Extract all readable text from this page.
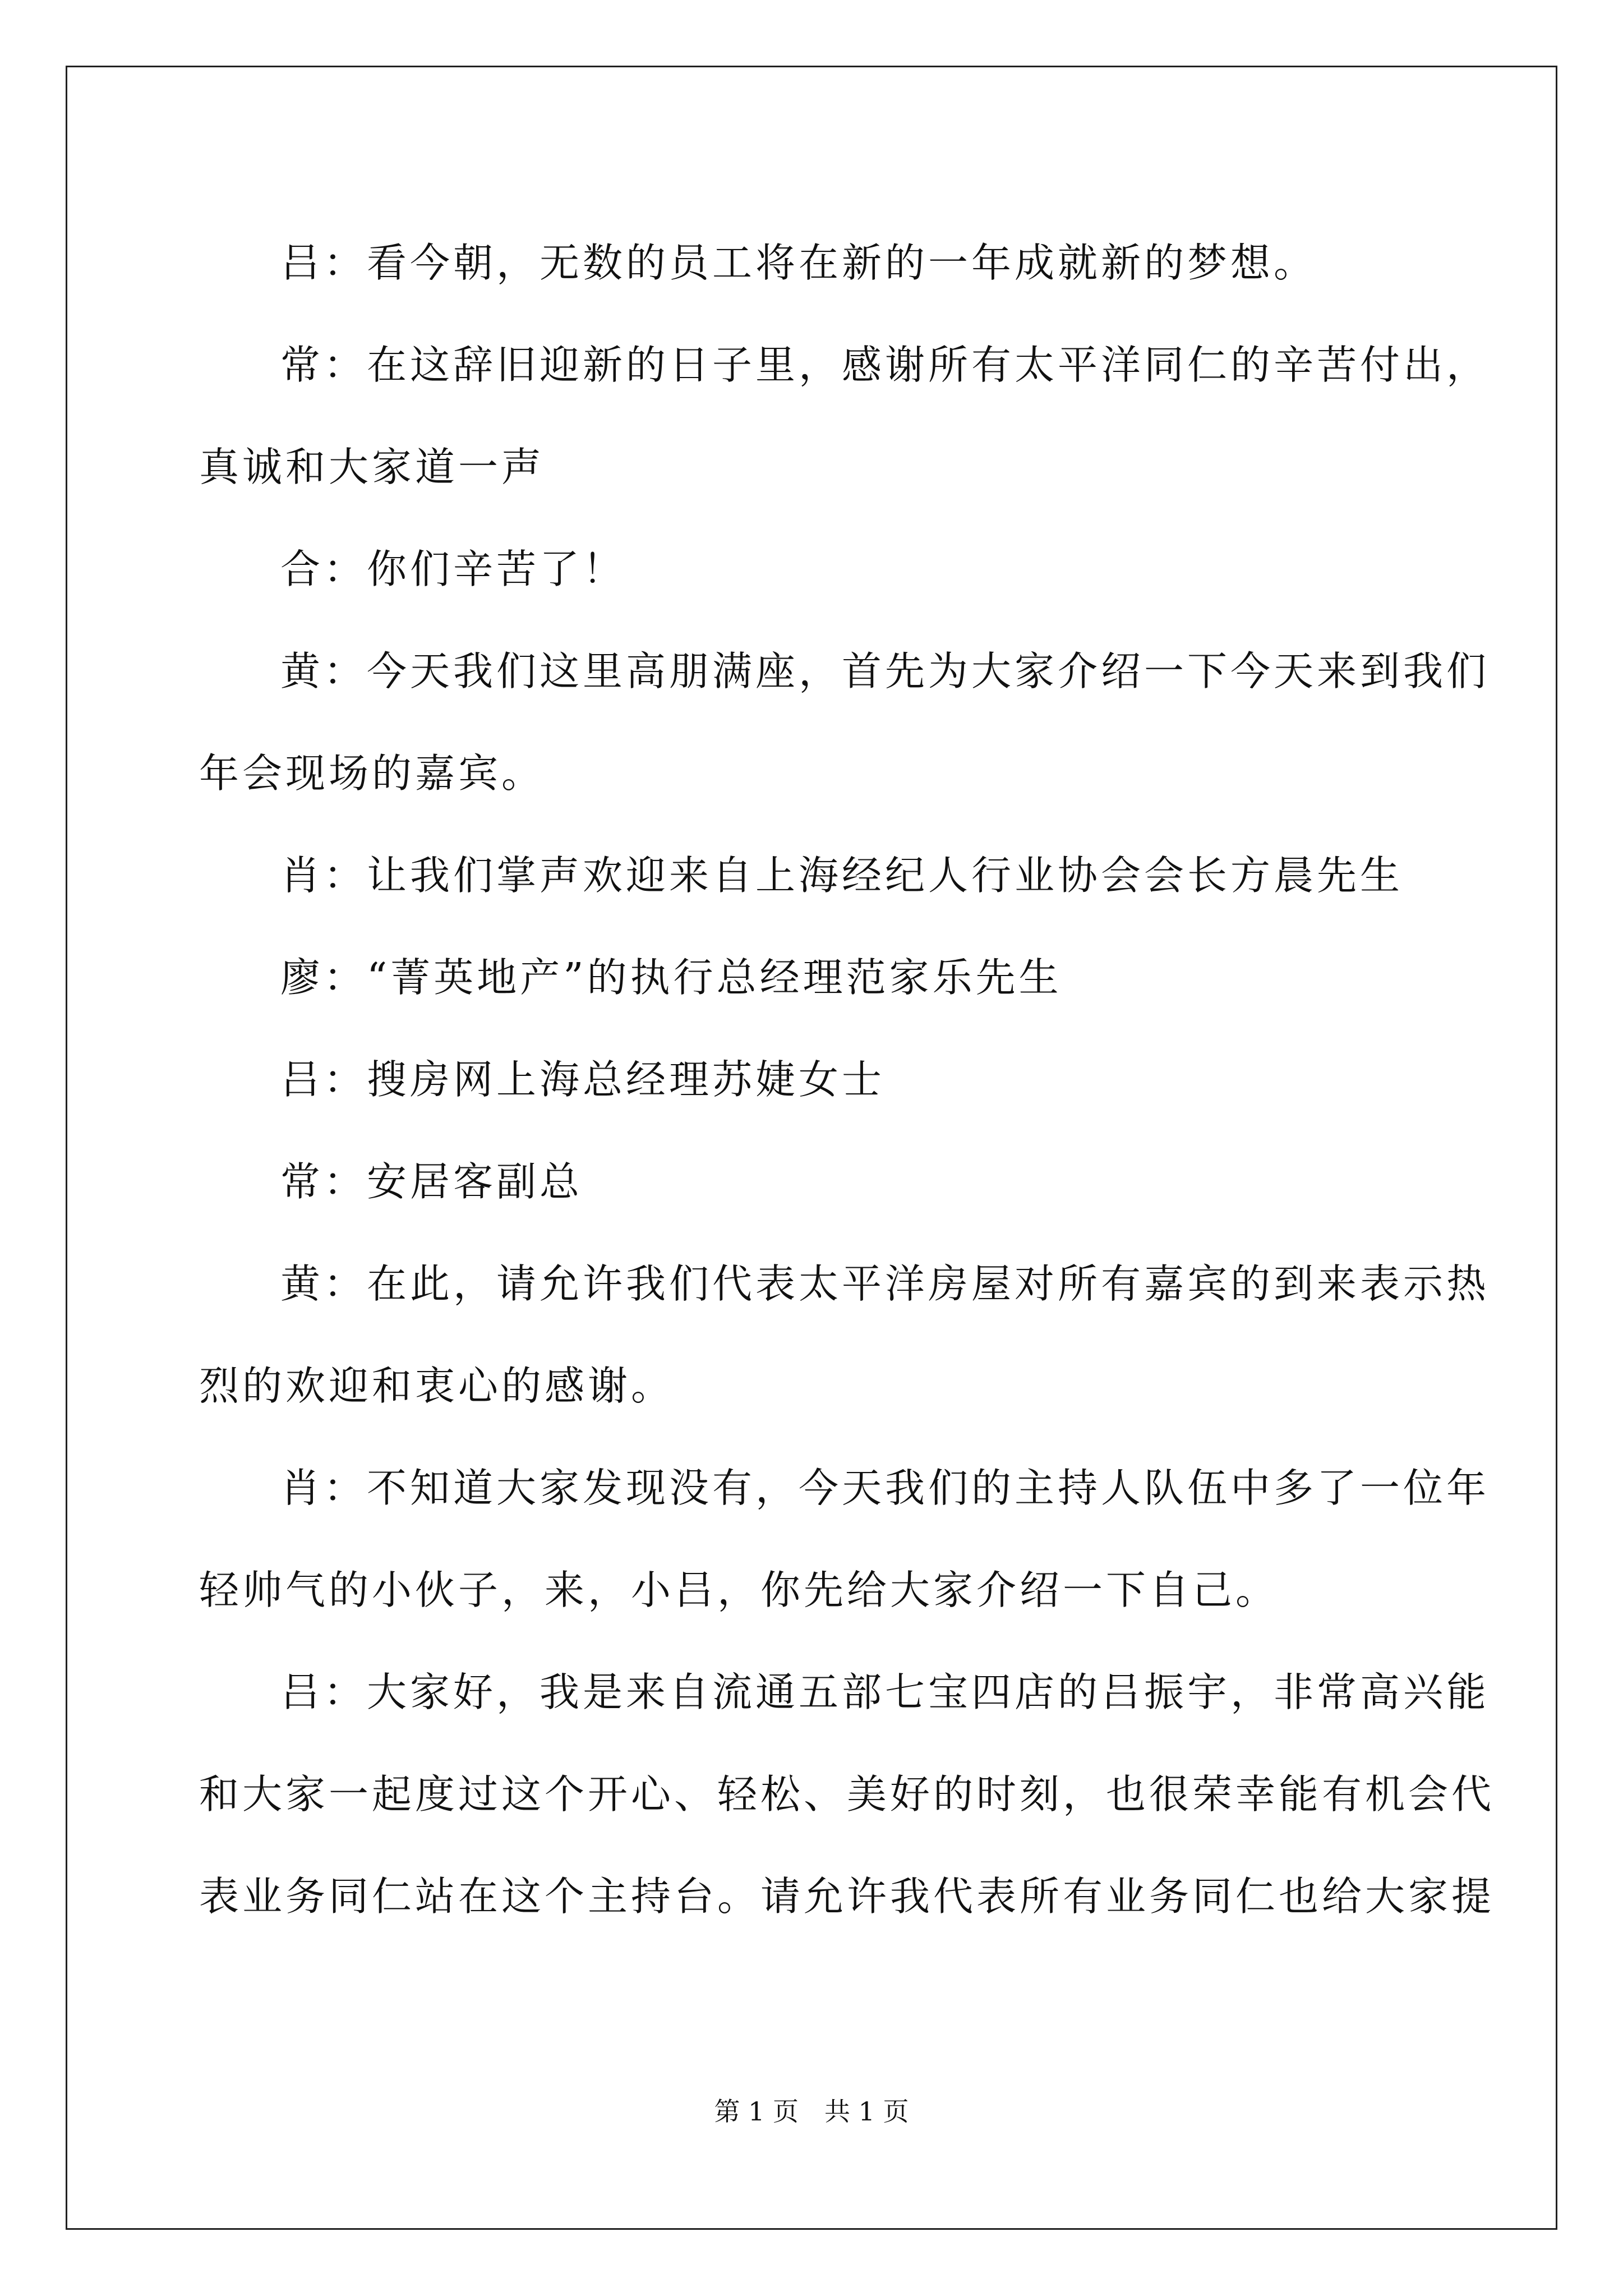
吕：看今朝，无数的员工将在新的一年成就新的梦想。

常：在这辞旧迎新的日子里，感谢所有太平洋同仁的辛苦付出，

真诚和大家道一声

合：你们辛苦了！

黄：今天我们这里高朋满座，首先为大家介绍一下今天来到我们

年会现场的嘉宾。

肖：让我们掌声欢迎来自上海经纪人行业协会会长方晨先生

廖：“菁英地产”的执行总经理范家乐先生

吕：搜房网上海总经理苏婕女士

常：安居客副总

黄：在此，请允许我们代表太平洋房屋对所有嘉宾的到来表示热

烈的欢迎和衷心的感谢。

肖：不知道大家发现没有，今天我们的主持人队伍中多了一位年

轻帅气的小伙子，来，小吕，你先给大家介绍一下自己。

吕：大家好，我是来自流通五部七宝四店的吕振宇，非常高兴能

和大家一起度过这个开心、轻松、美好的时刻，也很荣幸能有机会代

表业务同仁站在这个主持台。请允许我代表所有业务同仁也给大家提

第 1 页　共 1 页
